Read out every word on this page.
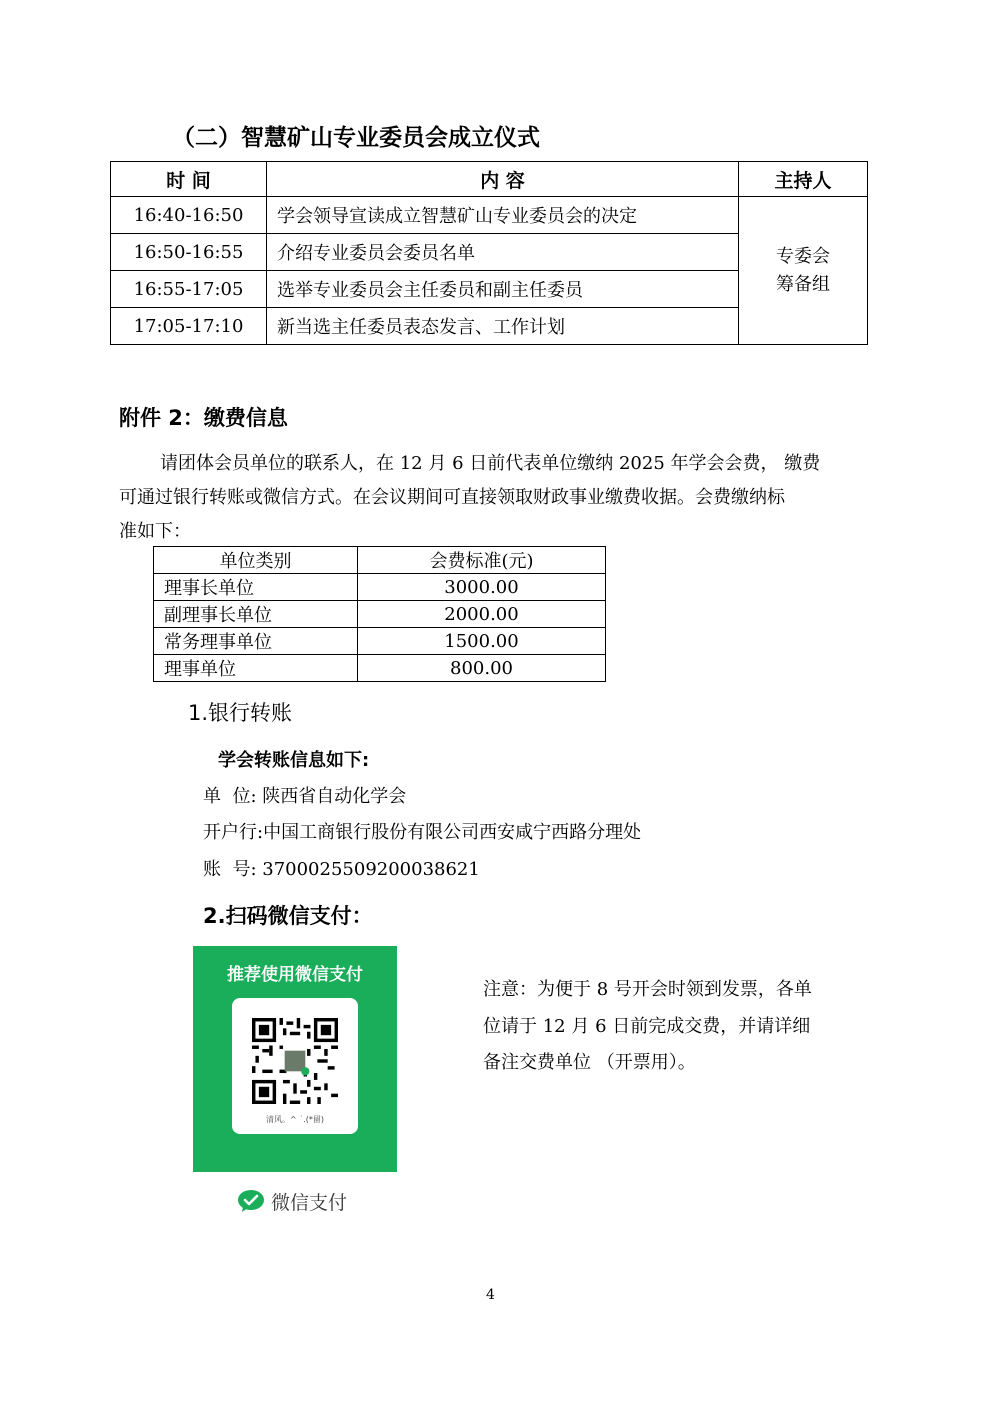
（二）智慧矿山专业委员会成立仪式
时 间	内 容	主持人
16:40-16:50	学会领导宣读成立智慧矿山专业委员会的决定	专委会
筹备组

16:50-16:55	介绍专业委员会委员名单	
16:55-17:05	选举专业委员会主任委员和副主任委员	
17:05-17:10	新当选主任委员表态发言、工作计划	
附件 2：缴费信息
请团体会员单位的联系人，在 12 月 6 日前代表单位缴纳 2025 年学会会费， 缴费
可通过银行转账或微信方式。在会议期间可直接领取财政事业缴费收据。会费缴纳标
准如下：
单位类别	会费标准(元)
理事长单位	3000.00
副理事长单位	2000.00
常务理事单位	1500.00
理事单位	800.00
1.银行转账
学会转账信息如下:
单  位: 陕西省自动化学会
开户行:中国工商银行股份有限公司西安咸宁西路分理处
账  号: 3700025509200038621
2.扫码微信支付：
推荐使用微信支付
清风。^ ˙.(*留)
微信支付
注意：为便于 8 号开会时领到发票，各单
位请于 12 月 6 日前完成交费，并请详细
备注交费单位 （开票用）。
4
